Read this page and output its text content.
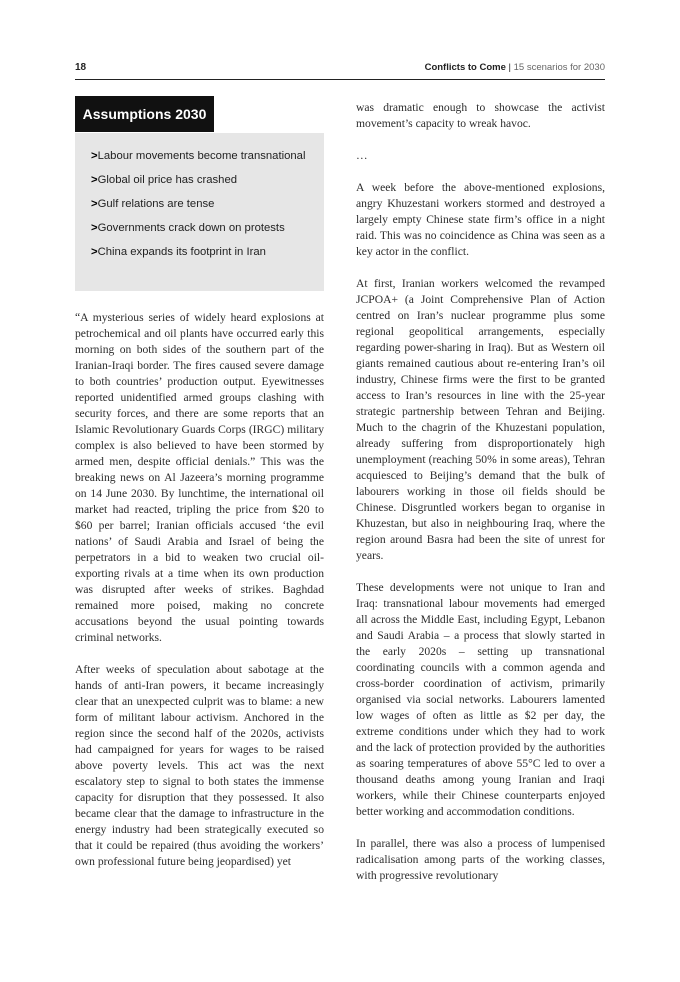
18	Conflicts to Come | 15 scenarios for 2030
Assumptions 2030
>Labour movements become transnational
>Global oil price has crashed
>Gulf relations are tense
>Governments crack down on protests
>China expands its footprint in Iran

“A mysterious series of widely heard explosions at petrochemical and oil plants have occurred early this morning on both sides of the southern part of the Iranian-Iraqi border. The fires caused severe damage to both countries’ production output. Eyewitnesses reported unidentified armed groups clashing with security forces, and there are some reports that an Islamic Revolutionary Guards Corps (IRGC) military complex is also believed to have been stormed by armed men, despite official denials.” This was the breaking news on Al Jazeera’s morning programme on 14 June 2030. By lunchtime, the international oil market had reacted, tripling the price from $20 to $60 per barrel; Iranian officials accused ‘the evil nations’ of Saudi Arabia and Israel of being the perpetrators in a bid to weaken two crucial oil-exporting rivals at a time when its own production was disrupted after weeks of strikes. Baghdad remained more poised, making no concrete accusations beyond the usual pointing towards criminal networks.

After weeks of speculation about sabotage at the hands of anti-Iran powers, it became increasingly clear that an unexpected culprit was to blame: a new form of militant labour activism. Anchored in the region since the second half of the 2020s, activists had campaigned for years for wages to be raised above poverty levels. This act was the next escalatory step to signal to both states the immense capacity for disruption that they possessed. It also became clear that the damage to infrastructure in the energy industry had been strategically executed so that it could be repaired (thus avoiding the workers’ own professional future being jeopardised) yet

was dramatic enough to showcase the activist movement’s capacity to wreak havoc.

…

A week before the above-mentioned explosions, angry Khuzestani workers stormed and destroyed a largely empty Chinese state firm’s office in a night raid. This was no coincidence as China was seen as a key actor in the conflict.

At first, Iranian workers welcomed the revamped JCPOA+ (a Joint Comprehensive Plan of Action centred on Iran’s nuclear programme plus some regional geopolitical arrangements, especially regarding power-sharing in Iraq). But as Western oil giants remained cautious about re-entering Iran’s oil industry, Chinese firms were the first to be granted access to Iran’s resources in line with the 25-year strategic partnership between Tehran and Beijing. Much to the chagrin of the Khuzestani population, already suffering from disproportionately high unemployment (reaching 50% in some areas), Tehran acquiesced to Beijing’s demand that the bulk of labourers working in those oil fields should be Chinese. Disgruntled workers began to organise in Khuzestan, but also in neighbouring Iraq, where the region around Basra had been the site of unrest for years.

These developments were not unique to Iran and Iraq: transnational labour movements had emerged all across the Middle East, including Egypt, Lebanon and Saudi Arabia – a process that slowly started in the early 2020s – setting up transnational coordinating councils with a common agenda and cross-border coordination of activism, primarily organised via social networks. Labourers lamented low wages of often as little as $2 per day, the extreme conditions under which they had to work and the lack of protection provided by the authorities as soaring temperatures of above 55°C led to over a thousand deaths among young Iranian and Iraqi workers, while their Chinese counterparts enjoyed better working and accommodation conditions.

In parallel, there was also a process of lumpenised radicalisation among parts of the working classes, with progressive revolutionary
